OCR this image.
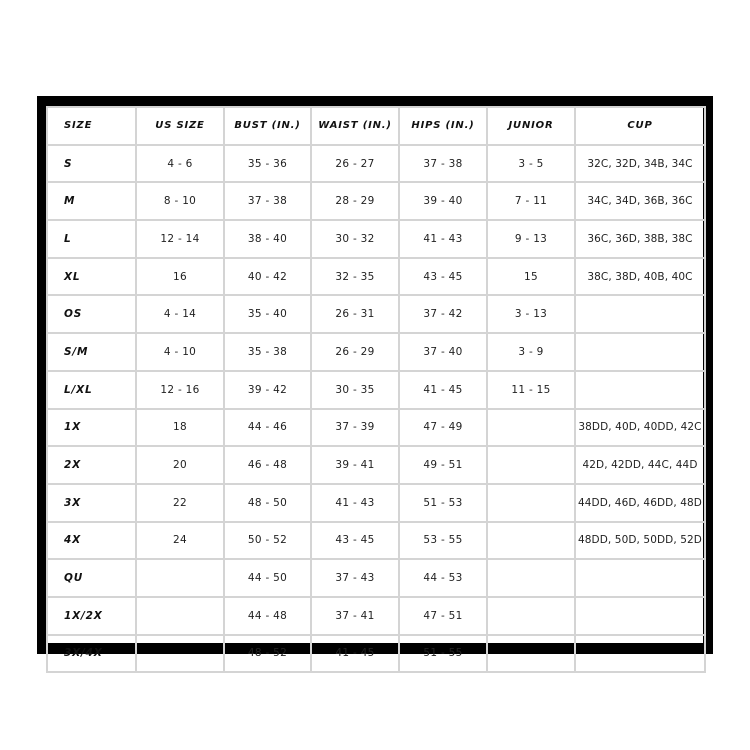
SIZE	US SIZE	BUST (IN.)	WAIST (IN.)	HIPS (IN.)	JUNIOR	CUP
S	4 - 6	35 - 36	26 - 27	37 - 38	3 - 5	32C, 32D, 34B, 34C
M	8 - 10	37 - 38	28 - 29	39 - 40	7 - 11	34C, 34D, 36B, 36C
L	12 - 14	38 - 40	30 - 32	41 - 43	9 - 13	36C, 36D, 38B, 38C
XL	16	40 - 42	32 - 35	43 - 45	15	38C, 38D, 40B, 40C
OS	4 - 14	35 - 40	26 - 31	37 - 42	3 - 13	
S/M	4 - 10	35 - 38	26 - 29	37 - 40	3 - 9	
L/XL	12 - 16	39 - 42	30 - 35	41 - 45	11 - 15	
1X	18	44 - 46	37 - 39	47 - 49		38DD, 40D, 40DD, 42C
2X	20	46 - 48	39 - 41	49 - 51		42D, 42DD, 44C, 44D
3X	22	48 - 50	41 - 43	51 - 53		44DD, 46D, 46DD, 48D
4X	24	50 - 52	43 - 45	53 - 55		48DD, 50D, 50DD, 52D
QU		44 - 50	37 - 43	44 - 53		
1X/2X		44 - 48	37 - 41	47 - 51		
3X/4X		48 - 52	41 - 45	51 - 55		
